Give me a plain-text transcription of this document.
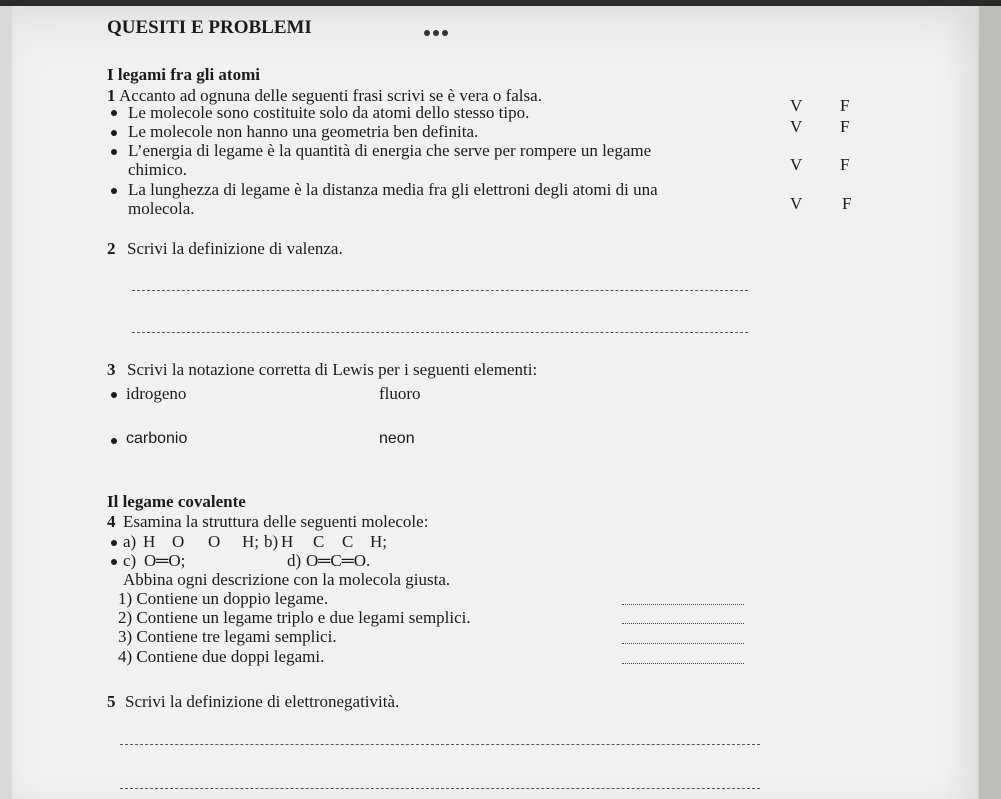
QUESITI E PROBLEMI
I legami fra gli atomi
1 Accanto ad ognuna delle seguenti frasi scrivi se è vera o falsa.
Le molecole sono costituite solo da atomi dello stesso tipo.	V F
Le molecole non hanno una geometria ben definita.	V F
L’energia di legame è la quantità di energia che serve per rompere un legame
chimico.	V F
La lunghezza di legame è la distanza media fra gli elettroni degli atomi di una
molecola.	V F
2 Scrivi la definizione di valenza.
3 Scrivi la notazione corretta di Lewis per i seguenti elementi:
idrogeno	fluoro
carbonio	neon
Il legame covalente
4 Esamina la struttura delle seguenti molecole:
a) H O O H; b) H C C H;
c) O═O;	d) O═C═O.
Abbina ogni descrizione con la molecola giusta.
1) Contiene un doppio legame.
2) Contiene un legame triplo e due legami semplici.
3) Contiene tre legami semplici.
4) Contiene due doppi legami.
5 Scrivi la definizione di elettronegatività.
